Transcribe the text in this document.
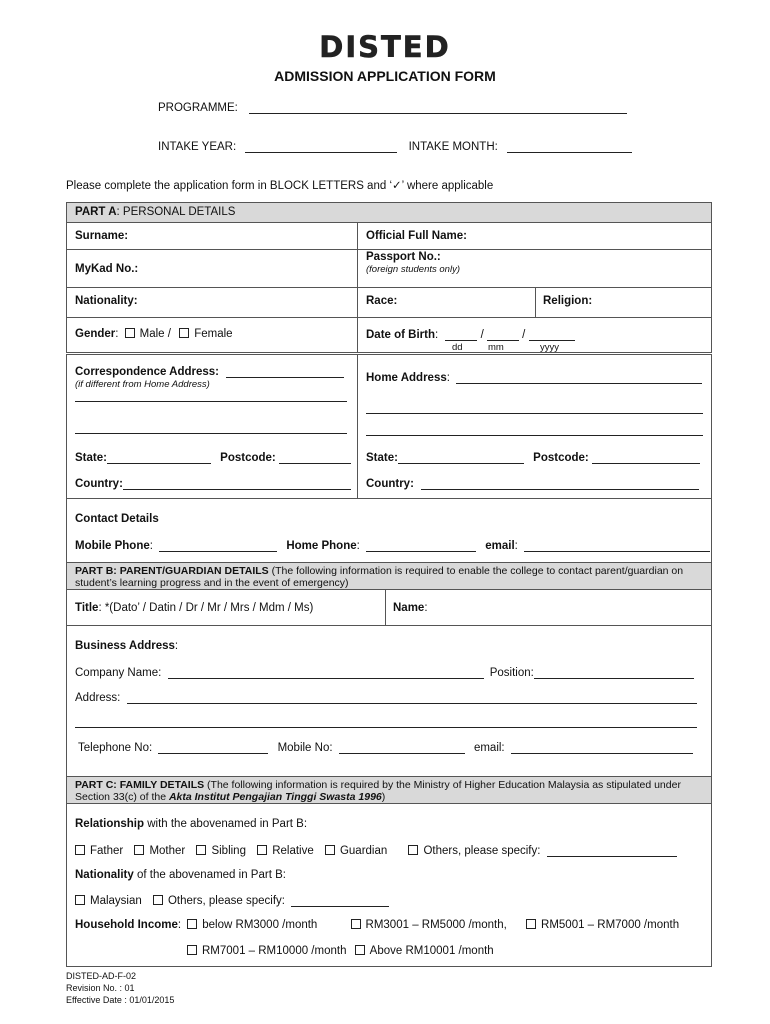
DISTED
ADMISSION APPLICATION FORM
PROGRAMME:
INTAKE YEAR:	INTAKE MONTH:
Please complete the application form in BLOCK LETTERS and ‘✓’ where applicable
PART A: PERSONAL DETAILS
Surname:	Official Full Name:
Passport No.:
(foreign students only)
MyKad No.:
Nationality:	Race:	Religion:
Gender: Male / Female	Date of Birth:	/	/
dd	mm	yyyy
Correspondence Address:
(if different from Home Address)
State:	Postcode:
Country:
Home Address:
State:	Postcode:
Country:
Contact Details
Mobile Phone:	Home Phone:	email:
PART B: PARENT/GUARDIAN DETAILS (The following information is required to enable the college to contact parent/guardian on
student’s learning progress and in the event of emergency)
Title: *(Dato’ / Datin / Dr / Mr / Mrs / Mdm / Ms)	Name:
Business Address:
Company Name:	Position:
Address:
Telephone No:	Mobile No:	email:
PART C: FAMILY DETAILS (The following information is required by the Ministry of Higher Education Malaysia as stipulated under
Section 33(c) of the Akta Institut Pengajian Tinggi Swasta 1996)
Relationship with the abovenamed in Part B:
Father Mother Sibling Relative Guardian	Others, please specify:
Nationality of the abovenamed in Part B:
Malaysian Others, please specify:
Household Income: below RM3000 /month	RM3001 – RM5000 /month,	RM5001 – RM7000 /month
RM7001 – RM10000 /month Above RM10001 /month
DISTED-AD-F-02
Revision No. : 01
Effective Date : 01/01/2015
